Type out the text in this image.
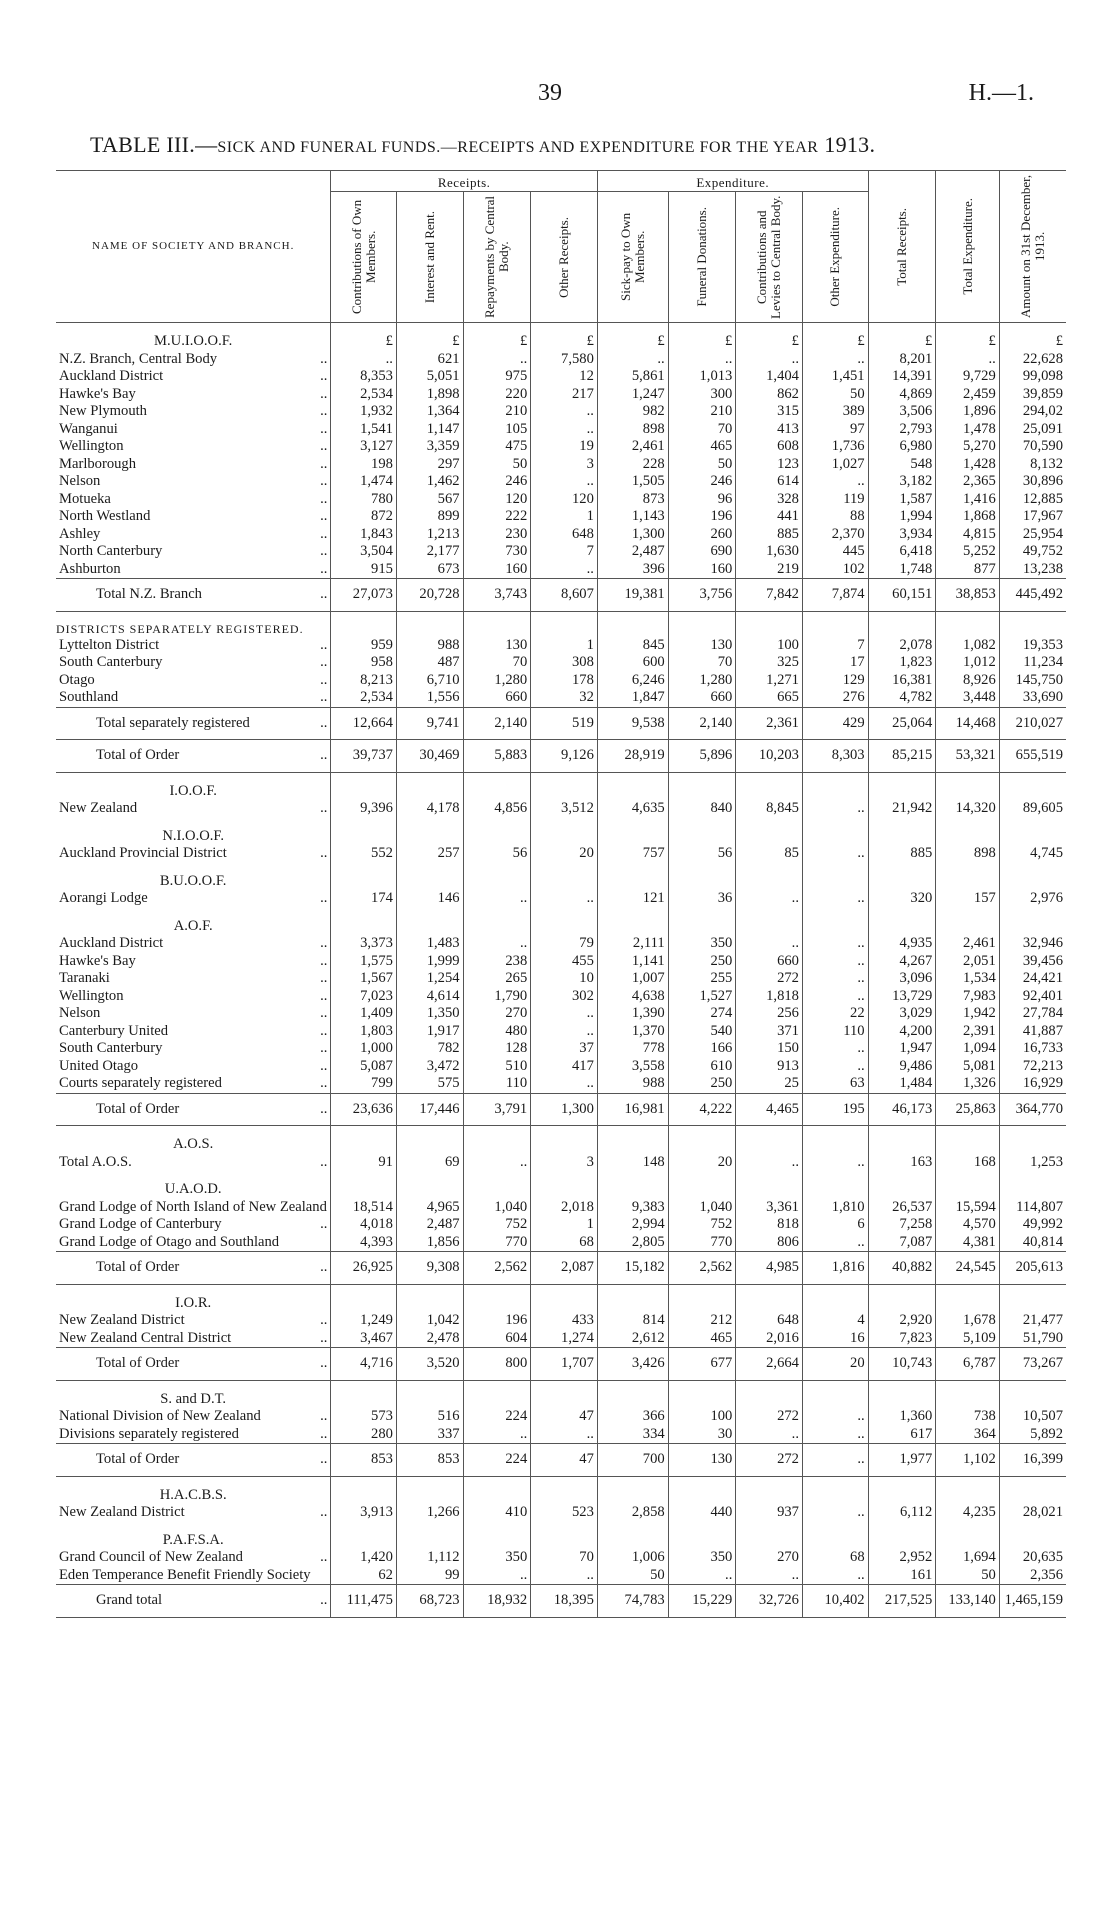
39	H.—1.
TABLE III.—SICK AND FUNERAL FUNDS.—RECEIPTS AND EXPENDITURE FOR THE YEAR 1913.
NAME OF SOCIETY AND BRANCH.	Receipts.				Expenditure.				Total Receipts.	Total Expenditure.	Amount on 31st December, 1913.

	Contributions of Own Members.	Interest and Rent.	Repayments by Central Body.	Other Receipts.	Sick-pay to Own Members.	Funeral Donations.	Contributions and Levies to Central Body.	Other Expenditure.			

M.U.I.O.O.F.	£	£	£	£	£	£	£	£	£	£	£
N.Z. Branch, Central Body ..	..	621	..	7,580	..	..	..	..	8,201	..	22,628
Auckland District ..	8,353	5,051	975	12	5,861	1,013	1,404	1,451	14,391	9,729	99,098
Hawke's Bay ..	2,534	1,898	220	217	1,247	300	862	50	4,869	2,459	39,859
New Plymouth ..	1,932	1,364	210	..	982	210	315	389	3,506	1,896	294,02
Wanganui ..	1,541	1,147	105	..	898	70	413	97	2,793	1,478	25,091
Wellington ..	3,127	3,359	475	19	2,461	465	608	1,736	6,980	5,270	70,590
Marlborough ..	198	297	50	3	228	50	123	1,027	548	1,428	8,132
Nelson ..	1,474	1,462	246	..	1,505	246	614	..	3,182	2,365	30,896
Motueka ..	780	567	120	120	873	96	328	119	1,587	1,416	12,885
North Westland ..	872	899	222	1	1,143	196	441	88	1,994	1,868	17,967
Ashley ..	1,843	1,213	230	648	1,300	260	885	2,370	3,934	4,815	25,954
North Canterbury ..	3,504	2,177	730	7	2,487	690	1,630	445	6,418	5,252	49,752
Ashburton ..	915	673	160	..	396	160	219	102	1,748	877	13,238
Total N.Z. Branch ..	27,073	20,728	3,743	8,607	19,381	3,756	7,842	7,874	60,151	38,853	445,492
DISTRICTS SEPARATELY REGISTERED.											
Lyttelton District ..	959	988	130	1	845	130	100	7	2,078	1,082	19,353
South Canterbury ..	958	487	70	308	600	70	325	17	1,823	1,012	11,234
Otago ..	8,213	6,710	1,280	178	6,246	1,280	1,271	129	16,381	8,926	145,750
Southland ..	2,534	1,556	660	32	1,847	660	665	276	4,782	3,448	33,690
Total separately registered ..	12,664	9,741	2,140	519	9,538	2,140	2,361	429	25,064	14,468	210,027
Total of Order ..	39,737	30,469	5,883	9,126	28,919	5,896	10,203	8,303	85,215	53,321	655,519
I.O.O.F.											
New Zealand ..	9,396	4,178	4,856	3,512	4,635	840	8,845	..	21,942	14,320	89,605
N.I.O.O.F.											
Auckland Provincial District ..	552	257	56	20	757	56	85	..	885	898	4,745
B.U.O.O.F.											
Aorangi Lodge ..	174	146	..	..	121	36	..	..	320	157	2,976
A.O.F.											
Auckland District ..	3,373	1,483	..	79	2,111	350	..	..	4,935	2,461	32,946
Hawke's Bay ..	1,575	1,999	238	455	1,141	250	660	..	4,267	2,051	39,456
Taranaki ..	1,567	1,254	265	10	1,007	255	272	..	3,096	1,534	24,421
Wellington ..	7,023	4,614	1,790	302	4,638	1,527	1,818	..	13,729	7,983	92,401
Nelson ..	1,409	1,350	270	..	1,390	274	256	22	3,029	1,942	27,784
Canterbury United ..	1,803	1,917	480	..	1,370	540	371	110	4,200	2,391	41,887
South Canterbury ..	1,000	782	128	37	778	166	150	..	1,947	1,094	16,733
United Otago ..	5,087	3,472	510	417	3,558	610	913	..	9,486	5,081	72,213
Courts separately registered ..	799	575	110	..	988	250	25	63	1,484	1,326	16,929
Total of Order ..	23,636	17,446	3,791	1,300	16,981	4,222	4,465	195	46,173	25,863	364,770
A.O.S.											
Total A.O.S. ..	91	69	..	3	148	20	..	..	163	168	1,253
U.A.O.D.											
Grand Lodge of North Island of New Zealand	18,514	4,965	1,040	2,018	9,383	1,040	3,361	1,810	26,537	15,594	114,807
Grand Lodge of Canterbury ..	4,018	2,487	752	1	2,994	752	818	6	7,258	4,570	49,992
Grand Lodge of Otago and Southland	4,393	1,856	770	68	2,805	770	806	..	7,087	4,381	40,814
Total of Order ..	26,925	9,308	2,562	2,087	15,182	2,562	4,985	1,816	40,882	24,545	205,613
I.O.R.											
New Zealand District ..	1,249	1,042	196	433	814	212	648	4	2,920	1,678	21,477
New Zealand Central District ..	3,467	2,478	604	1,274	2,612	465	2,016	16	7,823	5,109	51,790
Total of Order ..	4,716	3,520	800	1,707	3,426	677	2,664	20	10,743	6,787	73,267
S. and D.T.											
National Division of New Zealand ..	573	516	224	47	366	100	272	..	1,360	738	10,507
Divisions separately registered ..	280	337	..	..	334	30	..	..	617	364	5,892
Total of Order ..	853	853	224	47	700	130	272	..	1,977	1,102	16,399
H.A.C.B.S.											
New Zealand District ..	3,913	1,266	410	523	2,858	440	937	..	6,112	4,235	28,021
P.A.F.S.A.											
Grand Council of New Zealand ..	1,420	1,112	350	70	1,006	350	270	68	2,952	1,694	20,635
Eden Temperance Benefit Friendly Society	62	99	..	..	50	..	..	..	161	50	2,356
Grand total ..	111,475	68,723	18,932	18,395	74,783	15,229	32,726	10,402	217,525	133,140	1,465,159
